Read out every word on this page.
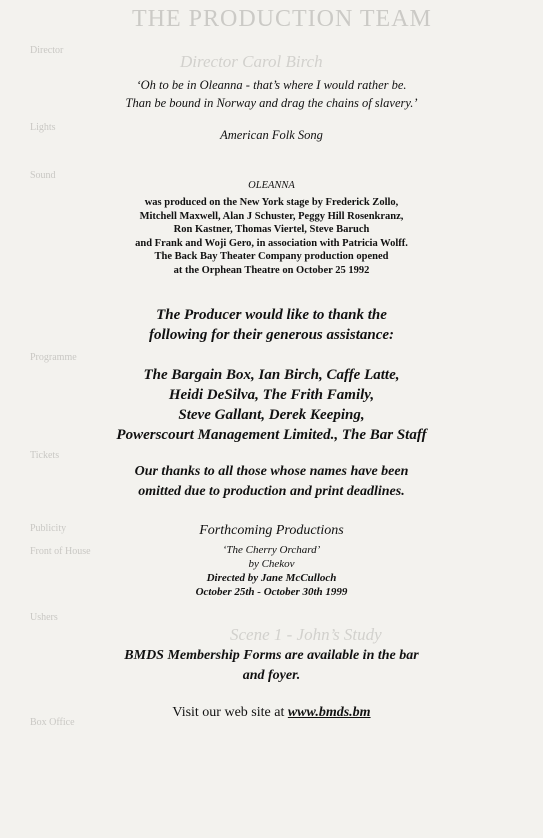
THE PRODUCTION TEAM
Director Carol Birch
Scene 1 - John’s Study
Director
Lights
Sound
Programme
Tickets
Publicity
Front of House
Ushers
Box Office
‘Oh to be in Oleanna - that’s where I would rather be.
Than be bound in Norway and drag the chains of slavery.’
American Folk Song
OLEANNA
was produced on the New York stage by Frederick Zollo,
Mitchell Maxwell, Alan J Schuster, Peggy Hill Rosenkranz,
Ron Kastner, Thomas Viertel, Steve Baruch
and Frank and Woji Gero, in association with Patricia Wolff.
The Back Bay Theater Company production opened
at the Orphean Theatre on October 25 1992
The Producer would like to thank the
following for their generous assistance:
The Bargain Box, Ian Birch, Caffe Latte,
Heidi DeSilva, The Frith Family,
Steve Gallant, Derek Keeping,
Powerscourt Management Limited., The Bar Staff
Our thanks to all those whose names have been
omitted due to production and print deadlines.
Forthcoming Productions
‘The Cherry Orchard’
by Chekov
Directed by Jane McCulloch
October 25th - October 30th 1999
BMDS Membership Forms are available in the bar
and foyer.
Visit our web site at www.bmds.bm
